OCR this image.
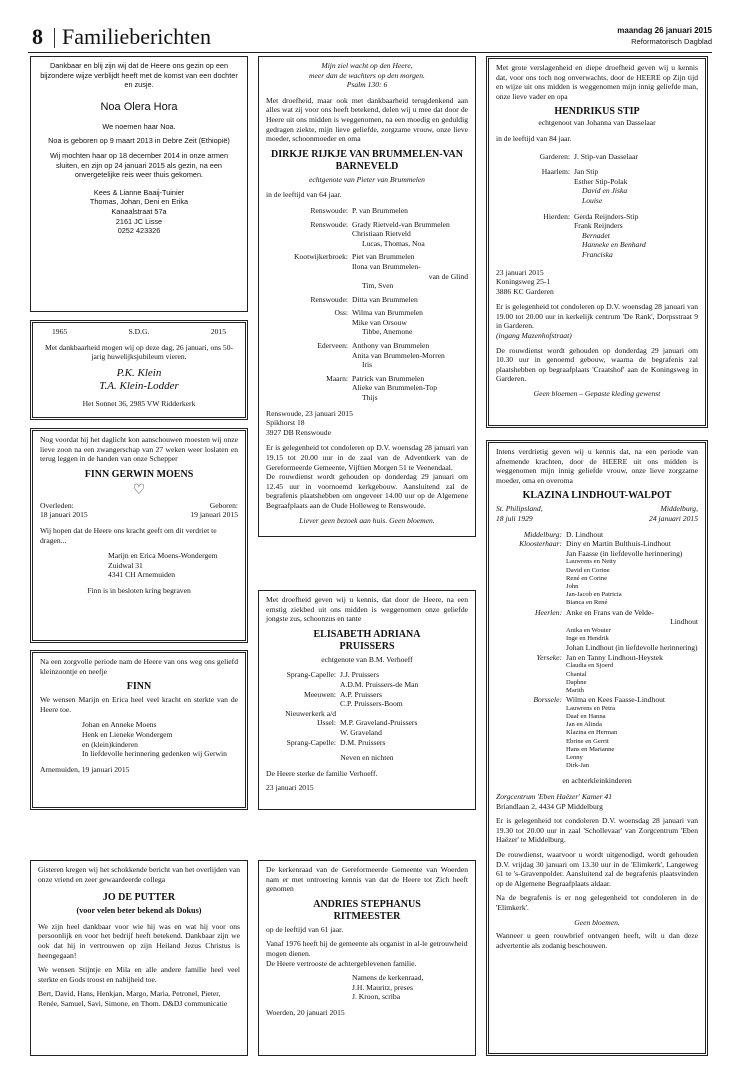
8 Familieberichten	maandag 26 januari 2015
Reformatorisch Dagblad

Dankbaar en blij zijn wij dat de Heere ons gezin op een bijzondere wijze verblijdt heeft met de komst van een dochter en zusje.

Noa Olera Hora

We noemen haar Noa.

Noa is geboren op 9 maart 2013 in Debre Zeit (Ethiopië)

Wij mochten haar op 18 december 2014 in onze armen sluiten, en zijn op 24 januari 2015 als gezin, na een onvergetelijke reis weer thuis gekomen.

Kees & Lianne Baaij-Tuinier
Thomas, Johan, Deni en Erika
Kanaalstraat 57a
2161 JC Lisse
0252 423326
1965	S.D.G.	2015

Met dankbaarheid mogen wij op deze dag, 26 januari, ons 50-jarig huwelijksjubileum vieren.

P.K. Klein
T.A. Klein-Lodder
Het Sonnet 36, 2985 VW Ridderkerk

Nog voordat hij het daglicht kon aanschouwen moesten wij onze lieve zoon na een zwangerschap van 27 weken weer loslaten en terug leggen in de handen van onze Schepper

FINN GERWIN MOENS
♡
Overleden:	Geboren:
18 januari 2015	19 januari 2015

Wij hopen dat de Heere ons kracht geeft om dit verdriet te dragen...

Marijn en Erica Moens-Wondergem
Zuidwal 31
4341 CH Arnemuiden
Finn is in besloten kring begraven

Na een zorgvolle periode nam de Heere van ons weg ons geliefd kleinzoontje en neefje

FINN

We wensen Marijn en Erica heel veel kracht en sterkte van de Heere toe.

Johan en Anneke Moens
Henk en Lieneke Wondergem
en (klein)kinderen
In liefdevolle herinnering gedenken wij Gerwin
Arnemuiden, 19 januari 2015

Gisteren kregen wij het schokkende bericht van het overlijden van onze vriend en zeer gewaardeerde collega

JO DE PUTTER
(voor velen beter bekend als Dokus)

We zijn heel dankbaar voor wie hij was en wat hij voor ons persoonlijk en voor het bedrijf heeft betekend. Dankbaar zijn we ook dat hij in vertrouwen op zijn Heiland Jezus Christus is heengegaan!

We wensen Stijntje en Mila en alle andere familie heel veel sterkte en Gods troost en nabijheid toe.

Bert, David, Hans, Henkjan, Margo, Maria, Petronel, Pieter, Renée, Samuel, Savi, Simone, en Thom. D&DJ communicatie

Mijn ziel wacht op den Heere,
meer dan de wachters op den morgen.
Psalm 130: 6

Met droefheid, maar ook met dankbaarheid terugdenkend aan alles wat zij voor ons heeft betekend, delen wij u mee dat door de Heere uit ons midden is weggenomen, na een moedig en geduldig gedragen ziekte, mijn lieve geliefde, zorgzame vrouw, onze lieve moeder, schoonmoeder en oma

DIRKJE RIJKJE VAN BRUMMELEN-VAN BARNEVELD
echtgenote van Pieter van Brummelen

in de leeftijd van 64 jaar.

Renswoude: P. van Brummelen
Renswoude: Grady Rietveld-van Brummelen
Christiaan Rietveld
Lucas, Thomas, Noa
Kootwijkerbroek: Piet van Brummelen
Ilona van Brummelen-
van de Glind
Tim, Sven
Renswoude: Ditta van Brummelen
Oss: Wilma van Brummelen
Mike van Orsouw
Tibbe, Anemone
Ederveen: Anthony van Brummelen
Anita van Brummelen-Morren
Iris
Maarn: Patrick van Brummelen
Alieke van Brummelen-Top
Thijs
Renswoude, 23 januari 2015
Spikhorst 18
3927 DB Renswoude

Er is gelegenheid tot condoleren op D.V. woensdag 28 januari van 19.15 tot 20.00 uur in de zaal van de Adventkerk van de Gereformeerde Gemeente, Vijftien Morgen 51 te Veenendaal.

De rouwdienst wordt gehouden op donderdag 29 januari om 12.45 uur in voornoemd kerkgebouw. Aansluitend zal de begrafenis plaatshebben om ongeveer 14.00 uur op de Algemene Begraafplaats aan de Oude Holleweg te Renswoude.

Liever geen bezoek aan huis. Geen bloemen.

Met droefheid geven wij u kennis, dat door de Heere, na een ernstig ziekbed uit ons midden is weggenomen onze geliefde jongste zus, schoonzus en tante

ELISABETH ADRIANA
PRUISSERS
echtgenote van B.M. Verhoeff
Sprang-Capelle: J.J. Pruissers
A.D.M. Pruissers-de Man
Meeuwen: A.P. Pruissers
C.P. Pruissers-Boom
Nieuwerkerk a/d IJssel: M.P. Graveland-Pruissers
W. Graveland
Sprang-Capelle: D.M. Pruissers
Neven en nichten

De Heere sterke de familie Verhoeff.

23 januari 2015

De kerkenraad van de Gereformeerde Gemeente van Woerden nam er met ontroering kennis van dat de Heere tot Zich heeft genomen

ANDRIES STEPHANUS
RITMEESTER

op de leeftijd van 61 jaar.

Vanaf 1976 heeft hij de gemeente als organist in al-le getrouwheid mogen dienen.

De Heere vertrooste de achtergeblevenen familie.

Namens de kerkenraad,
J.H. Mauritz, preses
J. Kroon, scriba
Woerden, 20 januari 2015

Met grote verslagenheid en diepe droefheid geven wij u kennis dat, voor ons toch nog onverwachts, door de HEERE op Zijn tijd en wijze uit ons midden is weggenomen mijn innig geliefde man, onze lieve vader en opa

HENDRIKUS STIP
echtgenoot van Johanna van Dasselaar

in de leeftijd van 84 jaar.

Garderen: J. Stip-van Dasselaar
Haarlem: Jan Stip
Esther Stip-Polak
David en Jiska
Louise
Hierden: Gerda Reijnders-Stip
Frank Reijnders
Bernadet
Hanneke en Benhard
Franciska
23 januari 2015
Koningsweg 25-1
3886 KC Garderen

Er is gelegenheid tot condoleren op D.V. woensdag 28 januari van 19.00 tot 20.00 uur in kerkelijk centrum 'De Rank', Dorpsstraat 9 in Garderen.

(ingang Mazenhofstraat)

De rouwdienst wordt gehouden op donderdag 29 januari om 10.30 uur in genoemd gebouw, waarna de begrafenis zal plaatshebben op begraafplaats 'Craatshof' aan de Koningsweg in Garderen.

Geen bloemen – Gepaste kleding gewenst

Intens verdrietig geven wij u kennis dat, na een periode van afnemende krachten, door de HEERE uit ons midden is weggenomen mijn innig geliefde vrouw, onze lieve zorgzame moeder, oma en overoma

KLAZINA LINDHOUT-WALPOT
St. Philipsland,	Middelburg,
18 juli 1929	24 januari 2015
Middelburg: D. Lindhout
Kloosterhaar: Diny en Martin Bulthuis-Lindhout
Jan Faasse (in liefdevolle herinnering)
Lauwrens en Netty
David en Corine
René en Corine
John
Jan-Jacob en Patricia
Bianca en René
Heerlen: Anke en Frans van de Velde-
Lindhout
Anika en Wouter
Inge en Hendrik
Johan Lindhout (in liefdevolle herinnering)
Yerseke: Jan en Tanny Lindhout-Heystek
Claudia en Sjoerd
Chantal
Daphne
Marith
Borssele: Wilma en Kees Faasse-Lindhout
Lauwrens en Petra
Daaf en Hanna
Jan en Alinda
Klazina en Herman
Ebrine en Gerrit
Hans en Marianne
Lenny
Dirk-Jan
en achterkleinkinderen
Zorgcentrum 'Eben Haëzer' Kamer 41
Briandlaan 2, 4434 GP Middelburg

Er is gelegenheid tot condoleren D.V. woensdag 28 januari van 19.30 tot 20.00 uur in zaal 'Schollevaar' van Zorgcentrum 'Eben Haëzer' te Middelburg.

De rouwdienst, waarvoor u wordt uitgenodigd, wordt gehouden D.V. vrijdag 30 januari om 13.30 uur in de 'Elimkerk', Langeweg 61 te 's-Gravenpolder. Aansluitend zal de begrafenis plaatsvinden op de Algemene Begraafplaats aldaar.

Na de begrafenis is er nog gelegenheid tot condoleren in de 'Elimkerk'.

Geen bloemen.

Wanneer u geen rouwbrief ontvangen heeft, wilt u dan deze advertentie als zodanig beschouwen.
